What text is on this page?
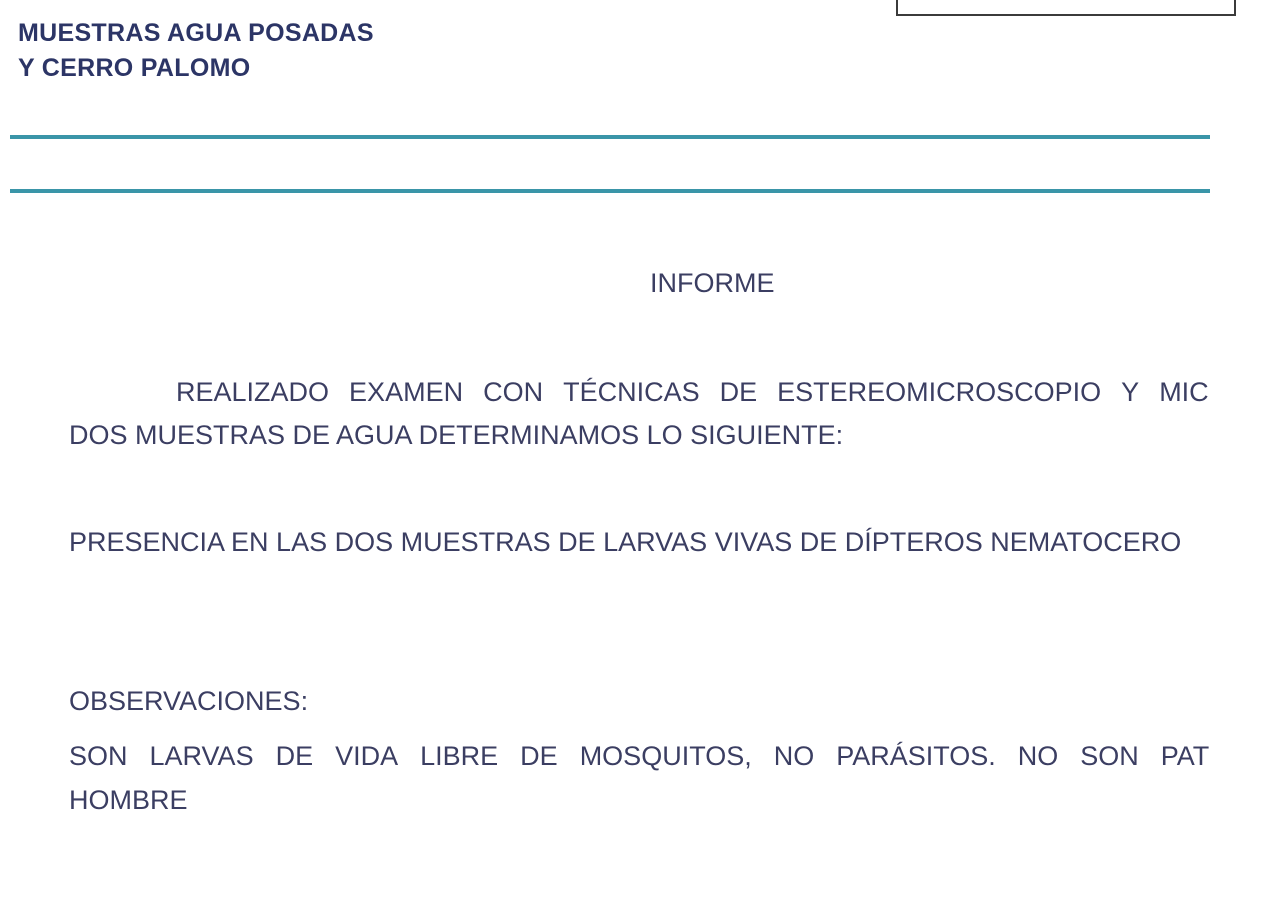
MUESTRAS AGUA POSADAS
Y CERRO PALOMO
INFORME
REALIZADO EXAMEN CON TÉCNICAS DE ESTEREOMICROSCOPIO Y MIC
DOS MUESTRAS DE AGUA DETERMINAMOS LO SIGUIENTE:
PRESENCIA EN LAS DOS MUESTRAS DE LARVAS VIVAS DE DÍPTEROS NEMATOCERO
OBSERVACIONES:
SON LARVAS DE VIDA LIBRE DE MOSQUITOS, NO PARÁSITOS. NO SON PAT
HOMBRE
